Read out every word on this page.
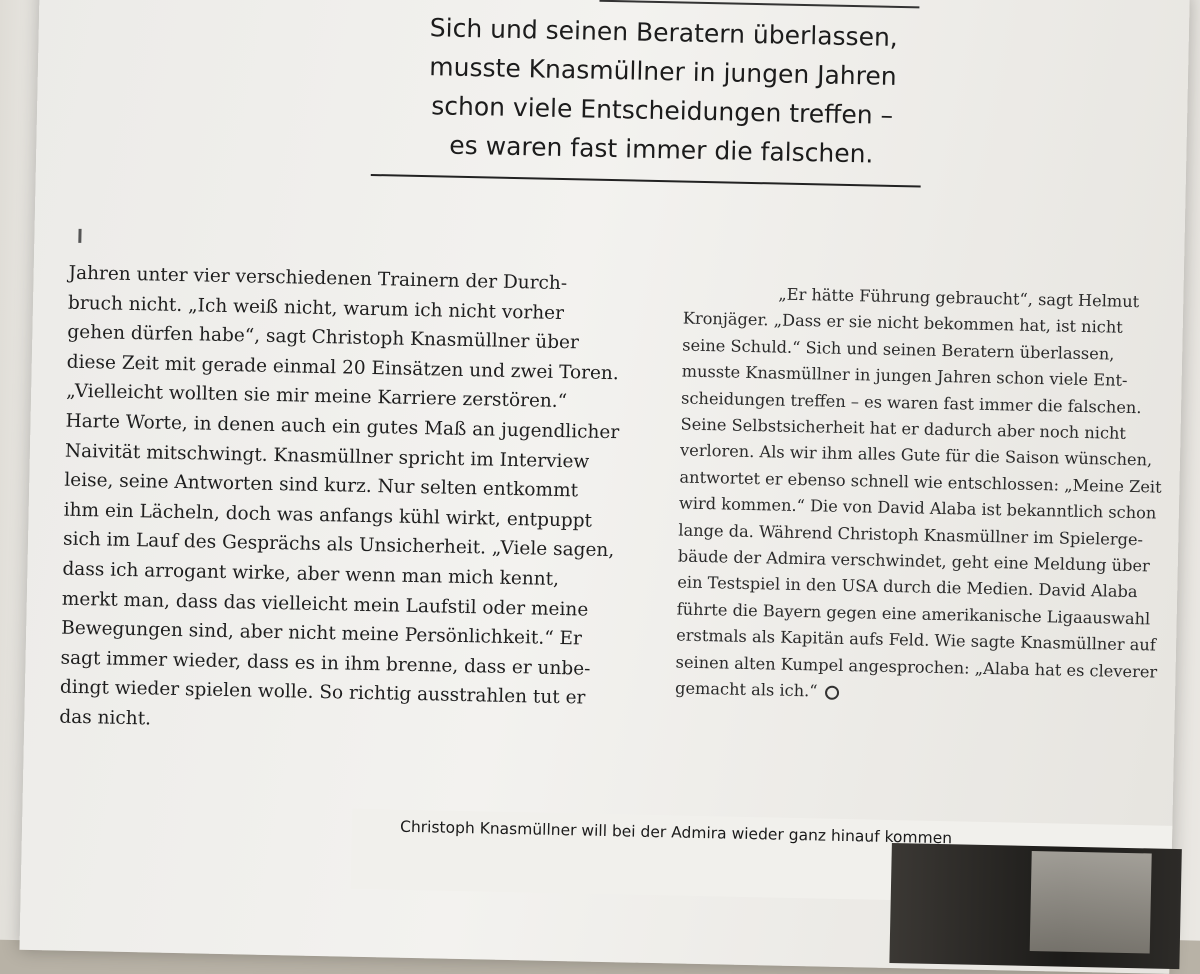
Sich und seinen Beratern überlassen,
musste Knasmüllner in jungen Jahren
schon viele Entscheidungen treffen –
es waren fast immer die falschen.
Jahren unter vier verschiedenen Trainern der Durch-
bruch nicht. „Ich weiß nicht, warum ich nicht vorher
gehen dürfen habe“, sagt Christoph Knasmüllner über
diese Zeit mit gerade einmal 20 Einsätzen und zwei Toren.
„Vielleicht wollten sie mir meine Karriere zerstören.“
Harte Worte, in denen auch ein gutes Maß an jugendlicher
Naivität mitschwingt. Knasmüllner spricht im Interview
leise, seine Antworten sind kurz. Nur selten entkommt
ihm ein Lächeln, doch was anfangs kühl wirkt, entpuppt
sich im Lauf des Gesprächs als Unsicherheit. „Viele sagen,
dass ich arrogant wirke, aber wenn man mich kennt,
merkt man, dass das vielleicht mein Laufstil oder meine
Bewegungen sind, aber nicht meine Persönlichkeit.“ Er
sagt immer wieder, dass es in ihm brenne, dass er unbe-
dingt wieder spielen wolle. So richtig ausstrahlen tut er
das nicht.
„Er hätte Führung gebraucht“, sagt Helmut
Kronjäger. „Dass er sie nicht bekommen hat, ist nicht
seine Schuld.“ Sich und seinen Beratern überlassen,
musste Knasmüllner in jungen Jahren schon viele Ent-
scheidungen treffen – es waren fast immer die falschen.
Seine Selbstsicherheit hat er dadurch aber noch nicht
verloren. Als wir ihm alles Gute für die Saison wünschen,
antwortet er ebenso schnell wie entschlossen: „Meine Zeit
wird kommen.“ Die von David Alaba ist bekanntlich schon
lange da. Während Christoph Knasmüllner im Spielerge-
bäude der Admira verschwindet, geht eine Meldung über
ein Testspiel in den USA durch die Medien. David Alaba
führte die Bayern gegen eine amerikanische Ligaauswahl
erstmals als Kapitän aufs Feld. Wie sagte Knasmüllner auf
seinen alten Kumpel angesprochen: „Alaba hat es cleverer
gemacht als ich.“
Christoph Knasmüllner will bei der Admira wieder ganz hinauf kommen
